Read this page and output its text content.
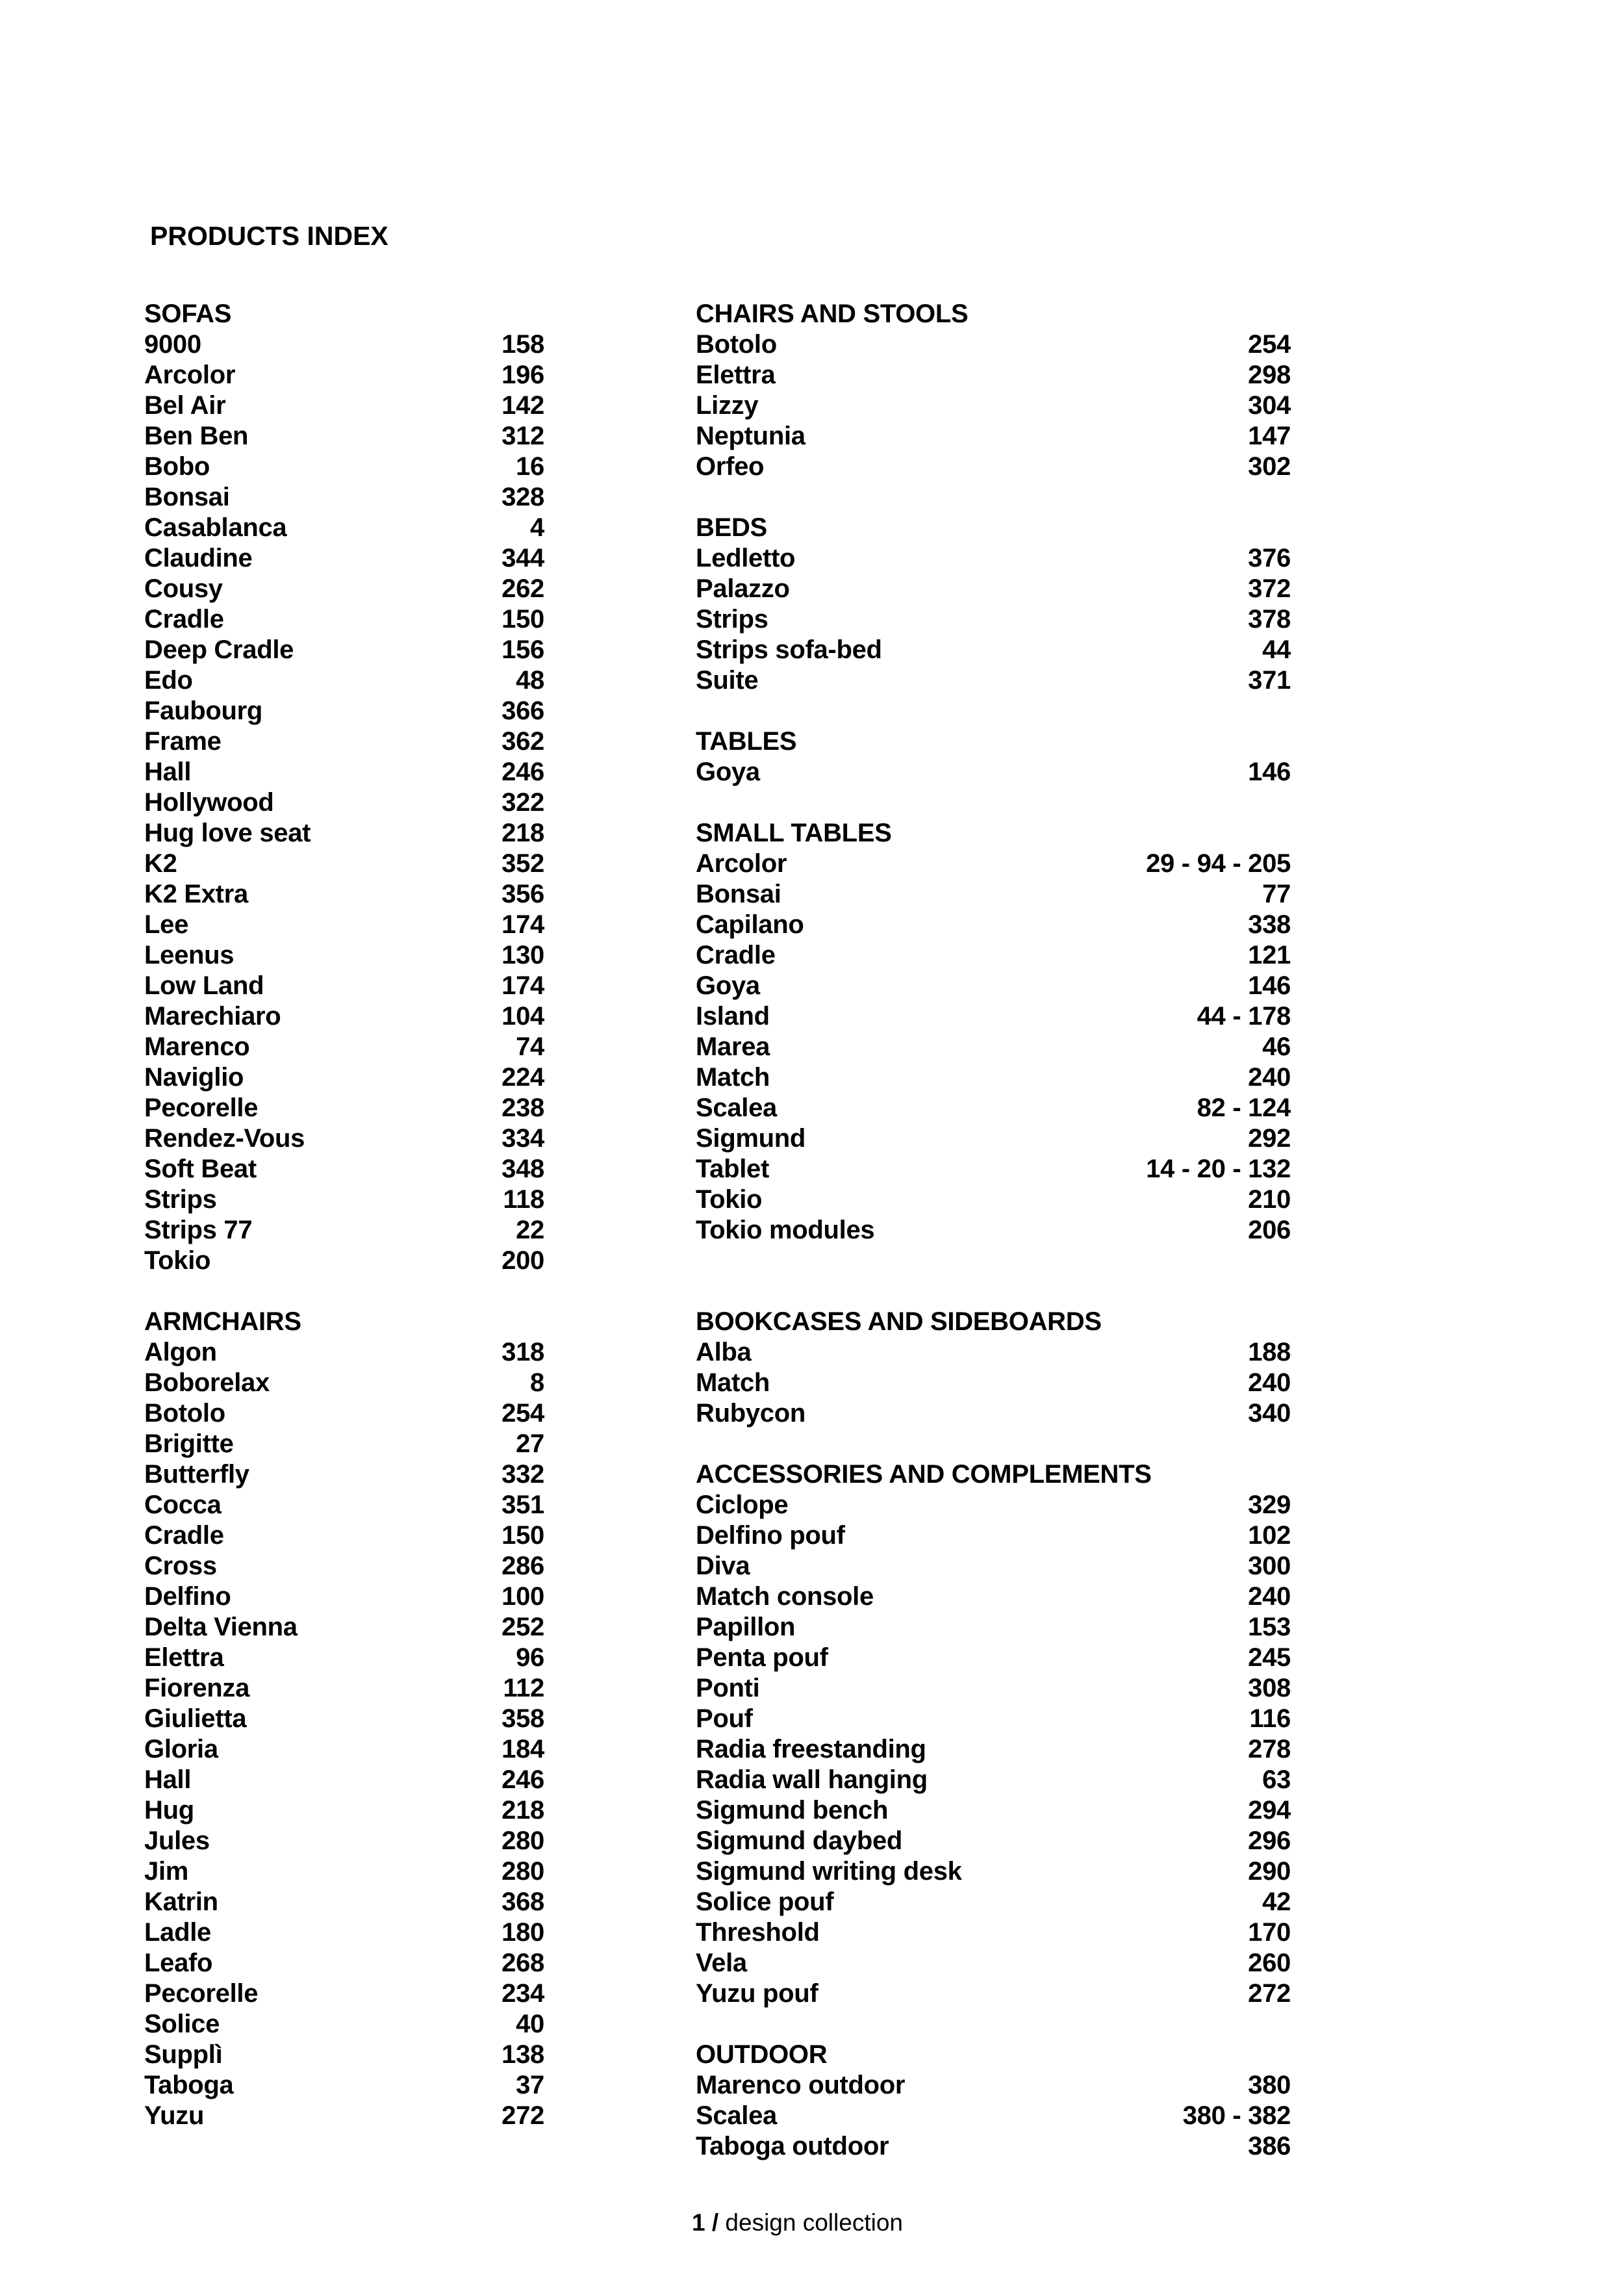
PRODUCTS INDEX
SOFAS
9000	158
Arcolor	196
Bel Air	142
Ben Ben	312
Bobo	16
Bonsai	328
Casablanca	4
Claudine	344
Cousy	262
Cradle	150
Deep Cradle	156
Edo	48
Faubourg	366
Frame	362
Hall	246
Hollywood	322
Hug love seat	218
K2	352
K2 Extra	356
Lee	174
Leenus	130
Low Land	174
Marechiaro	104
Marenco	74
Naviglio	224
Pecorelle	238
Rendez-Vous	334
Soft Beat	348
Strips	118
Strips 77	22
Tokio	200
ARMCHAIRS
Algon	318
Boborelax	8
Botolo	254
Brigitte	27
Butterfly	332
Cocca	351
Cradle	150
Cross	286
Delfino	100
Delta Vienna	252
Elettra	96
Fiorenza	112
Giulietta	358
Gloria	184
Hall	246
Hug	218
Jules	280
Jim	280
Katrin	368
Ladle	180
Leafo	268
Pecorelle	234
Solice	40
Supplì	138
Taboga	37
Yuzu	272
CHAIRS AND STOOLS
Botolo	254
Elettra	298
Lizzy	304
Neptunia	147
Orfeo	302
BEDS
Ledletto	376
Palazzo	372
Strips	378
Strips sofa-bed	44
Suite	371
TABLES
Goya	146
SMALL TABLES
Arcolor	29 - 94 - 205
Bonsai	77
Capilano	338
Cradle	121
Goya	146
Island	44 - 178
Marea	46
Match	240
Scalea	82 - 124
Sigmund	292
Tablet	14 - 20 - 132
Tokio	210
Tokio modules	206
BOOKCASES AND SIDEBOARDS
Alba	188
Match	240
Rubycon	340
ACCESSORIES AND COMPLEMENTS
Ciclope	329
Delfino pouf	102
Diva	300
Match console	240
Papillon	153
Penta pouf	245
Ponti	308
Pouf	116
Radia freestanding	278
Radia wall hanging	63
Sigmund bench	294
Sigmund daybed	296
Sigmund writing desk	290
Solice pouf	42
Threshold	170
Vela	260
Yuzu pouf	272
OUTDOOR
Marenco outdoor	380
Scalea	380 - 382
Taboga outdoor	386
1 / design collection
